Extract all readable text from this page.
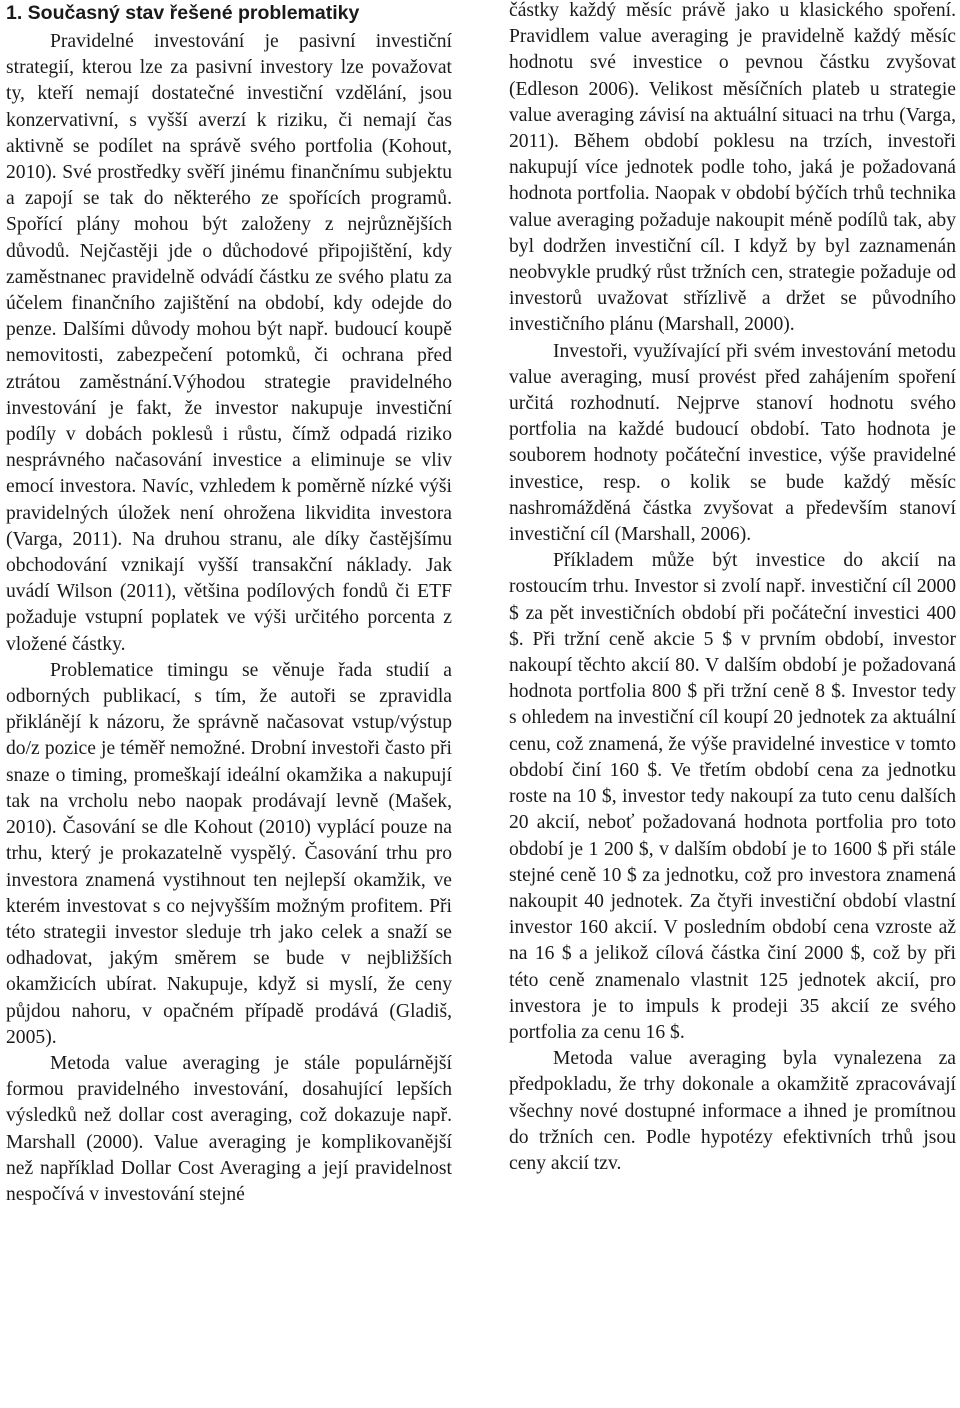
1. Současný stav řešené problematiky

Pravidelné investování je pasivní investiční strategií, kterou lze za pasivní investory lze považovat ty, kteří nemají dostatečné investiční vzdělání, jsou konzervativní, s vyšší averzí k riziku, či nemají čas aktivně se podílet na správě svého portfolia (Kohout, 2010). Své prostředky svěří jinému finančnímu subjektu a zapojí se tak do některého ze spořících programů. Spořící plány mohou být založeny z nejrůznějších důvodů. Nejčastěji jde o důchodové připojištění, kdy zaměstnanec pravidelně odvádí částku ze svého platu za účelem finančního zajištění na období, kdy odejde do penze. Dalšími důvody mohou být např. budoucí koupě nemovitosti, zabezpečení potomků, či ochrana před ztrátou zaměstnání.Výhodou strategie pravidelného investování je fakt, že investor nakupuje investiční podíly v dobách poklesů i růstu, čímž odpadá riziko nesprávného načasování investice a eliminuje se vliv emocí investora. Navíc, vzhledem k poměrně nízké výši pravidelných úložek není ohrožena likvidita investora (Varga, 2011). Na druhou stranu, ale díky častějšímu obchodování vznikají vyšší transakční náklady. Jak uvádí Wilson (2011), většina podílových fondů či ETF požaduje vstupní poplatek ve výši určitého porcenta z vložené částky.

Problematice timingu se věnuje řada studií a odborných publikací, s tím, že autoři se zpravidla přiklánějí k názoru, že správně načasovat vstup/výstup do/z pozice je téměř nemožné. Drobní investoři často při snaze o timing, promeškají ideální okamžika a nakupují tak na vrcholu nebo naopak prodávají levně (Mašek, 2010). Časování se dle Kohout (2010) vyplácí pouze na trhu, který je prokazatelně vyspělý. Časování trhu pro investora znamená vystihnout ten nejlepší okamžik, ve kterém investovat s co nejvyšším možným profitem. Při této strategii investor sleduje trh jako celek a snaží se odhadovat, jakým směrem se bude v nejbližších okamžicích ubírat. Nakupuje, když si myslí, že ceny půjdou nahoru, v opačném případě prodává (Gladiš, 2005).

Metoda value averaging je stále populárnější formou pravidelného investování, dosahující lepších výsledků než dollar cost averaging, což dokazuje např. Marshall (2000). Value averaging je komplikovanější než například Dollar Cost Averaging a její pravidelnost nespočívá v investování stejné

částky každý měsíc právě jako u klasického spoření. Pravidlem value averaging je pravidelně každý měsíc hodnotu své investice o pevnou částku zvyšovat (Edleson 2006). Velikost měsíčních plateb u strategie value averaging závisí na aktuální situaci na trhu (Varga, 2011). Během období poklesu na trzích, investoři nakupují více jednotek podle toho, jaká je požadovaná hodnota portfolia. Naopak v období býčích trhů technika value averaging požaduje nakoupit méně podílů tak, aby byl dodržen investiční cíl. I když by byl zaznamenán neobvykle prudký růst tržních cen, strategie požaduje od investorů uvažovat střízlivě a držet se původního investičního plánu (Marshall, 2000).

Investoři, využívající při svém investování metodu value averaging, musí provést před zahájením spoření určitá rozhodnutí. Nejprve stanoví hodnotu svého portfolia na každé budoucí období. Tato hodnota je souborem hodnoty počáteční investice, výše pravidelné investice, resp. o kolik se bude každý měsíc nashromážděná částka zvyšovat a především stanoví investiční cíl (Marshall, 2006).

Příkladem může být investice do akcií na rostoucím trhu. Investor si zvolí např. investiční cíl 2000 $ za pět investičních období při počáteční investici 400 $. Při tržní ceně akcie 5 $ v prvním období, investor nakoupí těchto akcií 80. V dalším období je požadovaná hodnota portfolia 800 $ při tržní ceně 8 $. Investor tedy s ohledem na investiční cíl koupí 20 jednotek za aktuální cenu, což znamená, že výše pravidelné investice v tomto období činí 160 $. Ve třetím období cena za jednotku roste na 10 $, investor tedy nakoupí za tuto cenu dalších 20 akcií, neboť požadovaná hodnota portfolia pro toto období je 1 200 $, v dalším období je to 1600 $ při stále stejné ceně 10 $ za jednotku, což pro investora znamená nakoupit 40 jednotek. Za čtyři investiční období vlastní investor 160 akcií. V posledním období cena vzroste až na 16 $ a jelikož cílová částka činí 2000 $, což by při této ceně znamenalo vlastnit 125 jednotek akcií, pro investora je to impuls k prodeji 35 akcií ze svého portfolia za cenu 16 $.

Metoda value averaging byla vynalezena za předpokladu, že trhy dokonale a okamžitě zpracovávají všechny nové dostupné informace a ihned je promítnou do tržních cen. Podle hypotézy efektivních trhů jsou ceny akcií tzv.
